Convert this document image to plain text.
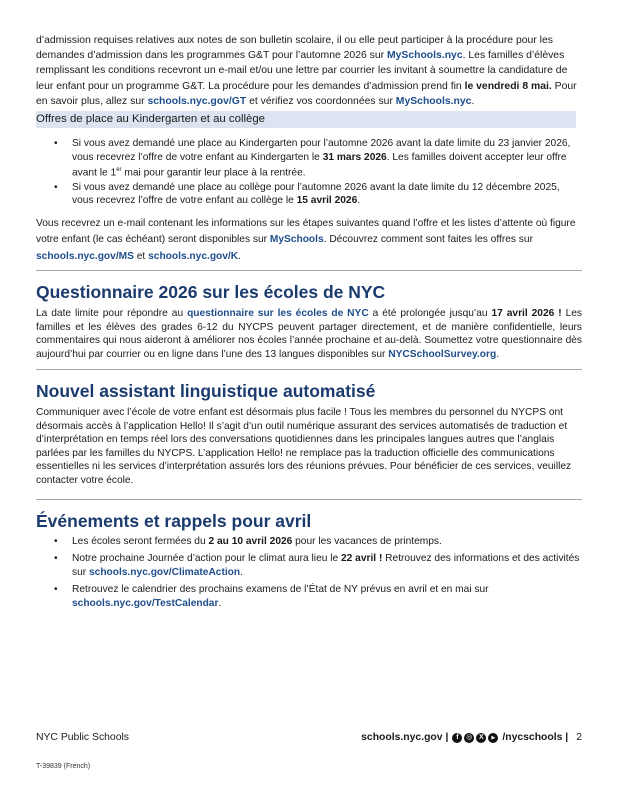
d’admission requises relatives aux notes de son bulletin scolaire, il ou elle peut participer à la procédure pour les demandes d’admission dans les programmes G&T pour l’automne 2026 sur MySchools.nyc. Les familles d’élèves remplissant les conditions recevront un e-mail et/ou une lettre par courrier les invitant à soumettre la candidature de leur enfant pour un programme G&T. La procédure pour les demandes d’admission prend fin le vendredi 8 mai. Pour en savoir plus, allez sur schools.nyc.gov/GT et vérifiez vos coordonnées sur MySchools.nyc.

Offres de place au Kindergarten et au collège
• Si vous avez demandé une place au Kindergarten pour l’automne 2026 avant la date limite du 23 janvier 2026, vous recevrez l’offre de votre enfant au Kindergarten le 31 mars 2026. Les familles doivent accepter leur offre avant le 1er mai pour garantir leur place à la rentrée.
• Si vous avez demandé une place au collège pour l’automne 2026 avant la date limite du 12 décembre 2025, vous recevrez l’offre de votre enfant au collège le 15 avril 2026.

Vous recevrez un e-mail contenant les informations sur les étapes suivantes quand l’offre et les listes d’attente où figure votre enfant (le cas échéant) seront disponibles sur MySchools. Découvrez comment sont faites les offres sur schools.nyc.gov/MS et schools.nyc.gov/K.

Questionnaire 2026 sur les écoles de NYC

La date limite pour répondre au questionnaire sur les écoles de NYC a été prolongée jusqu’au 17 avril 2026 ! Les familles et les élèves des grades 6-12 du NYCPS peuvent partager directement, et de manière confidentielle, leurs commentaires qui nous aideront à améliorer nos écoles l’année prochaine et au-delà. Soumettez votre questionnaire dès aujourd’hui par courrier ou en ligne dans l’une des 13 langues disponibles sur NYCSchoolSurvey.org.

Nouvel assistant linguistique automatisé

Communiquer avec l’école de votre enfant est désormais plus facile ! Tous les membres du personnel du NYCPS ont désormais accès à l’application Hello! Il s’agit d’un outil numérique assurant des services automatisés de traduction et d’interprétation en temps réel lors des conversations quotidiennes dans les principales langues autres que l’anglais parlées par les familles du NYCPS. L’application Hello! ne remplace pas la traduction officielle des communications essentielles ni les services d’interprétation assurés lors des réunions prévues. Pour bénéficier de ces services, veuillez contacter votre école.

Événements et rappels pour avril
• Les écoles seront fermées du 2 au 10 avril 2026 pour les vacances de printemps.
• Notre prochaine Journée d’action pour le climat aura lieu le 22 avril ! Retrouvez des informations et des activités sur schools.nyc.gov/ClimateAction.
• Retrouvez le calendrier des prochains examens de l’État de NY prévus en avril et en mai sur schools.nyc.gov/TestCalendar.
NYC Public Schools	schools.nyc.gov |	f	◎ X	▶ /nycschools | 2
T-39839 (French)
